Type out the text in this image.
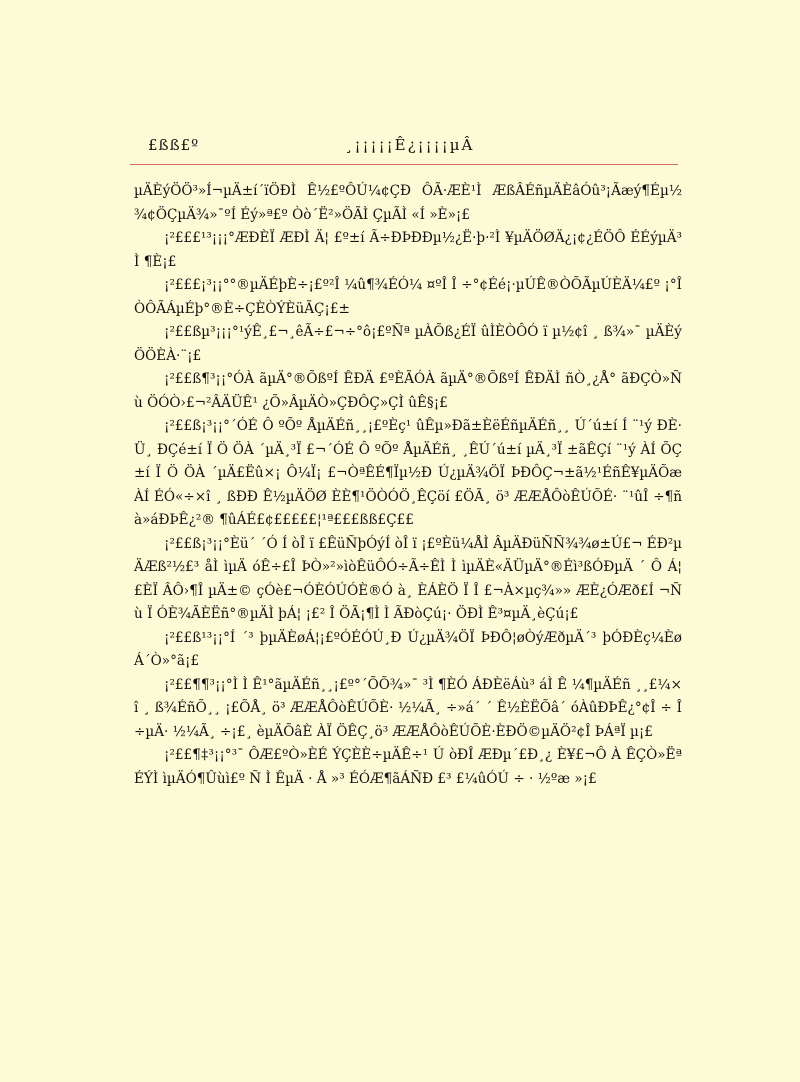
£ßß£º	¸¡¡¡¡¡Ê¿¡¡¡¡µÂ

µÄÈýÖÖ³»Í¬µÄ±í´ïÖÐÌ Ê½£ºÔÚ¼¢ÇÐ ÔÃ·ÆÈ¹Ì ÆßÂÉñµÄÈâÓû³¡Ãæý¶Éµ½¾¢ÖÇµÄ¾»¯ºÍ Éý»ª£º Òò´Ë²»ÖÃÌ ÇµÃÌ «Í »È»¡£

¡²£££¹³¡¡¡°ÆÐÈÏ ÆÐÌ Ä¦ £º±í Ã÷ÐÞÐÐµ½¿Ë·þ·²Ì ¥µÄÖØÄ¿¡¢¿ÉÖÔ ÉÉýµÄ³Ì ¶È¡£

¡²£££¡³¡¡°°®µÄÉþÈ÷¡£º²Î ¼û¶¾ÉÓ¼ ¤ºÎ Î ÷°¢Éé¡·µÚÊ®ÒÕÃµÚÈÄ¼£º ¡°Î ÒÔÃÁµÉþ°®È÷ÇÈÒÝÈüÃÇ¡£±

¡²££ßµ³¡¡¡°¹ýÊ¸£¬¸êÃ÷£¬÷°ô¡£ºÑª µÀÕß¿ÉÏ ûÌÈÒÔÓ ï µ½¢î ¸ ß¾»¯ µÄÈýÖÖÈÀ·¨¡£

¡²££ß¶³¡¡°ÓÀ ãµÄ°®ÕßºÍ ÊÐÄ £ºÈÃÓÀ ãµÄ°®ÕßºÍ ÊÐÄÌ ñÒ¸¿Å° ãÐÇÒ»Ñù ÖÓÒ›£¬²ÂÄÜÊ¹ ¿Õ»ÂµÄÒ»ÇÐÔÇ»ÇÌ ûÊ§¡£

¡²££ß¡³¡¡°´ÓÉ Ô ºÕº ÅµÄÉñ¸¸¡£ºÈç¹ ûÊµ»Ðã±ÈëÉñµÄÉñ¸¸ Ú´ú±í Í ¨¹ý ÐÈ· Ü¸ ÐÇé±í Ï Ö ÖÀ ´µÄ¸³Ï £¬´ÓÉ Ô ºÕº ÅµÄÉñ¸ ¸ÊÚ´ú±í µÄ¸³Ï ±ãÊÇí ¨¹ý ÀÍ ÕÇ±í Ï Ö ÖÀ ´µÄ£Ëû×¡ Ô¼Ï¡ £¬ÒªÊÉ¶Ïµ½Ð Ú¿µÄ¾ÖÏ ÞÐÔÇ¬±ã½¹ÉñÊ¥µÄÕæ ÀÍ ÉÓ«÷×î ¸ ßÐÐ Ê½µÄÖØ ÈÈ¶¹ÖÒÓÖ¸ÊÇöí £ÖÃ¸ ö³ ÆÆÅÔòÊÚÕÉ· ¨¹ûÎ ÷¶ñà»áÐÞÊ¿²® ¶ûÁÉ£¢£££££¦¹ª£££ßß£Ç££

¡²££ß¡³¡¡°Èü´ ´Ó Í òÎ ï £ÊüÑþÓýÍ òÎ ï ¡£ºÈü¼ÅÌ ÂµÄÐüÑÑ¾¾ø±Ú£¬ ÉÐ²µÄÆß²½£³ åÌ ìµÄ óÊ÷£Î ÞÒ»²»ìòÊüÔÓ÷Ã÷ÊÌ Ì ìµÄÈ«ÄÜµÄ°®Éì³ßÓÐµÄ ´ Ô Á¦£ÈÏ ÂÔ›¶Î µÄ±© çÓè£¬ÓÈÓÚÓÈ®Ó à¸ ÈÁÈÖ Ï Î £¬À×µç¾»» ÆÈ¿ÓÆð£Í ¬Ñù Ï ÓÈ¾ÃÈËñ°®µÄÌ þÁ¦ ¡£² Î ÖÃ¡¶Ì Ì ÃÐòÇú¡· ÖÐÌ Ê³¤µÄ¸èÇú¡£

¡²££ß¹³¡¡°Í ´³ þµÄÈøÁ¦¡£ºÓÉÓÚ¸Ð Ú¿µÄ¾ÖÏ ÞÐÔ¦øÒýÆðµÄ´³ þÓÐÈç¼Èø Á´Ò»°ã¡£

¡²££¶¶³¡¡°Ì Ì Ê¹°ãµÄÉñ¸¸¡£º°´ÕÕ¾»¯ ³Ì ¶ÈÓ ÁÐÈëÁù³ áÌ Ê ¼¶µÄÉñ ¸¸£¼×î ¸ ß¾ÉñÕ¸¸ ¡£ÕÅ¸ ö³ ÆÆÅÔòÊÚÕÈ· ½¼Ã¸ ÷»á´ ´ Ê½ÈËÕâ´ óÀûÐÞÊ¿°¢Î ÷ Î ÷µÄ· ½¼Ã¸ ÷¡£¸ èµÄÕâÈ ÀÏ ÖÊÇ¸ö³ ÆÆÅÔòÊÚÕÈ·ÈÐÖ©µÄÖ²¢Î ÞÁªÏ µ¡£

¡²££¶‡³¡¡°³¯ ÔÆ£ºÒ»ÈÉ ÝÇÈÈ÷µÄÊ÷¹ Ú òÐÎ ÆÐµ´£Ð¸¿ È¥£¬Ô À ÊÇÒ»Ëª ÉÝÌ ìµÄÓ¶Ûùì£º Ñ Ì ÊµÄ · Å »³ ÉÓÆ¶ãÁÑÐ £³ £¼ûÓÚ ÷ · ½ºæ »¡£
